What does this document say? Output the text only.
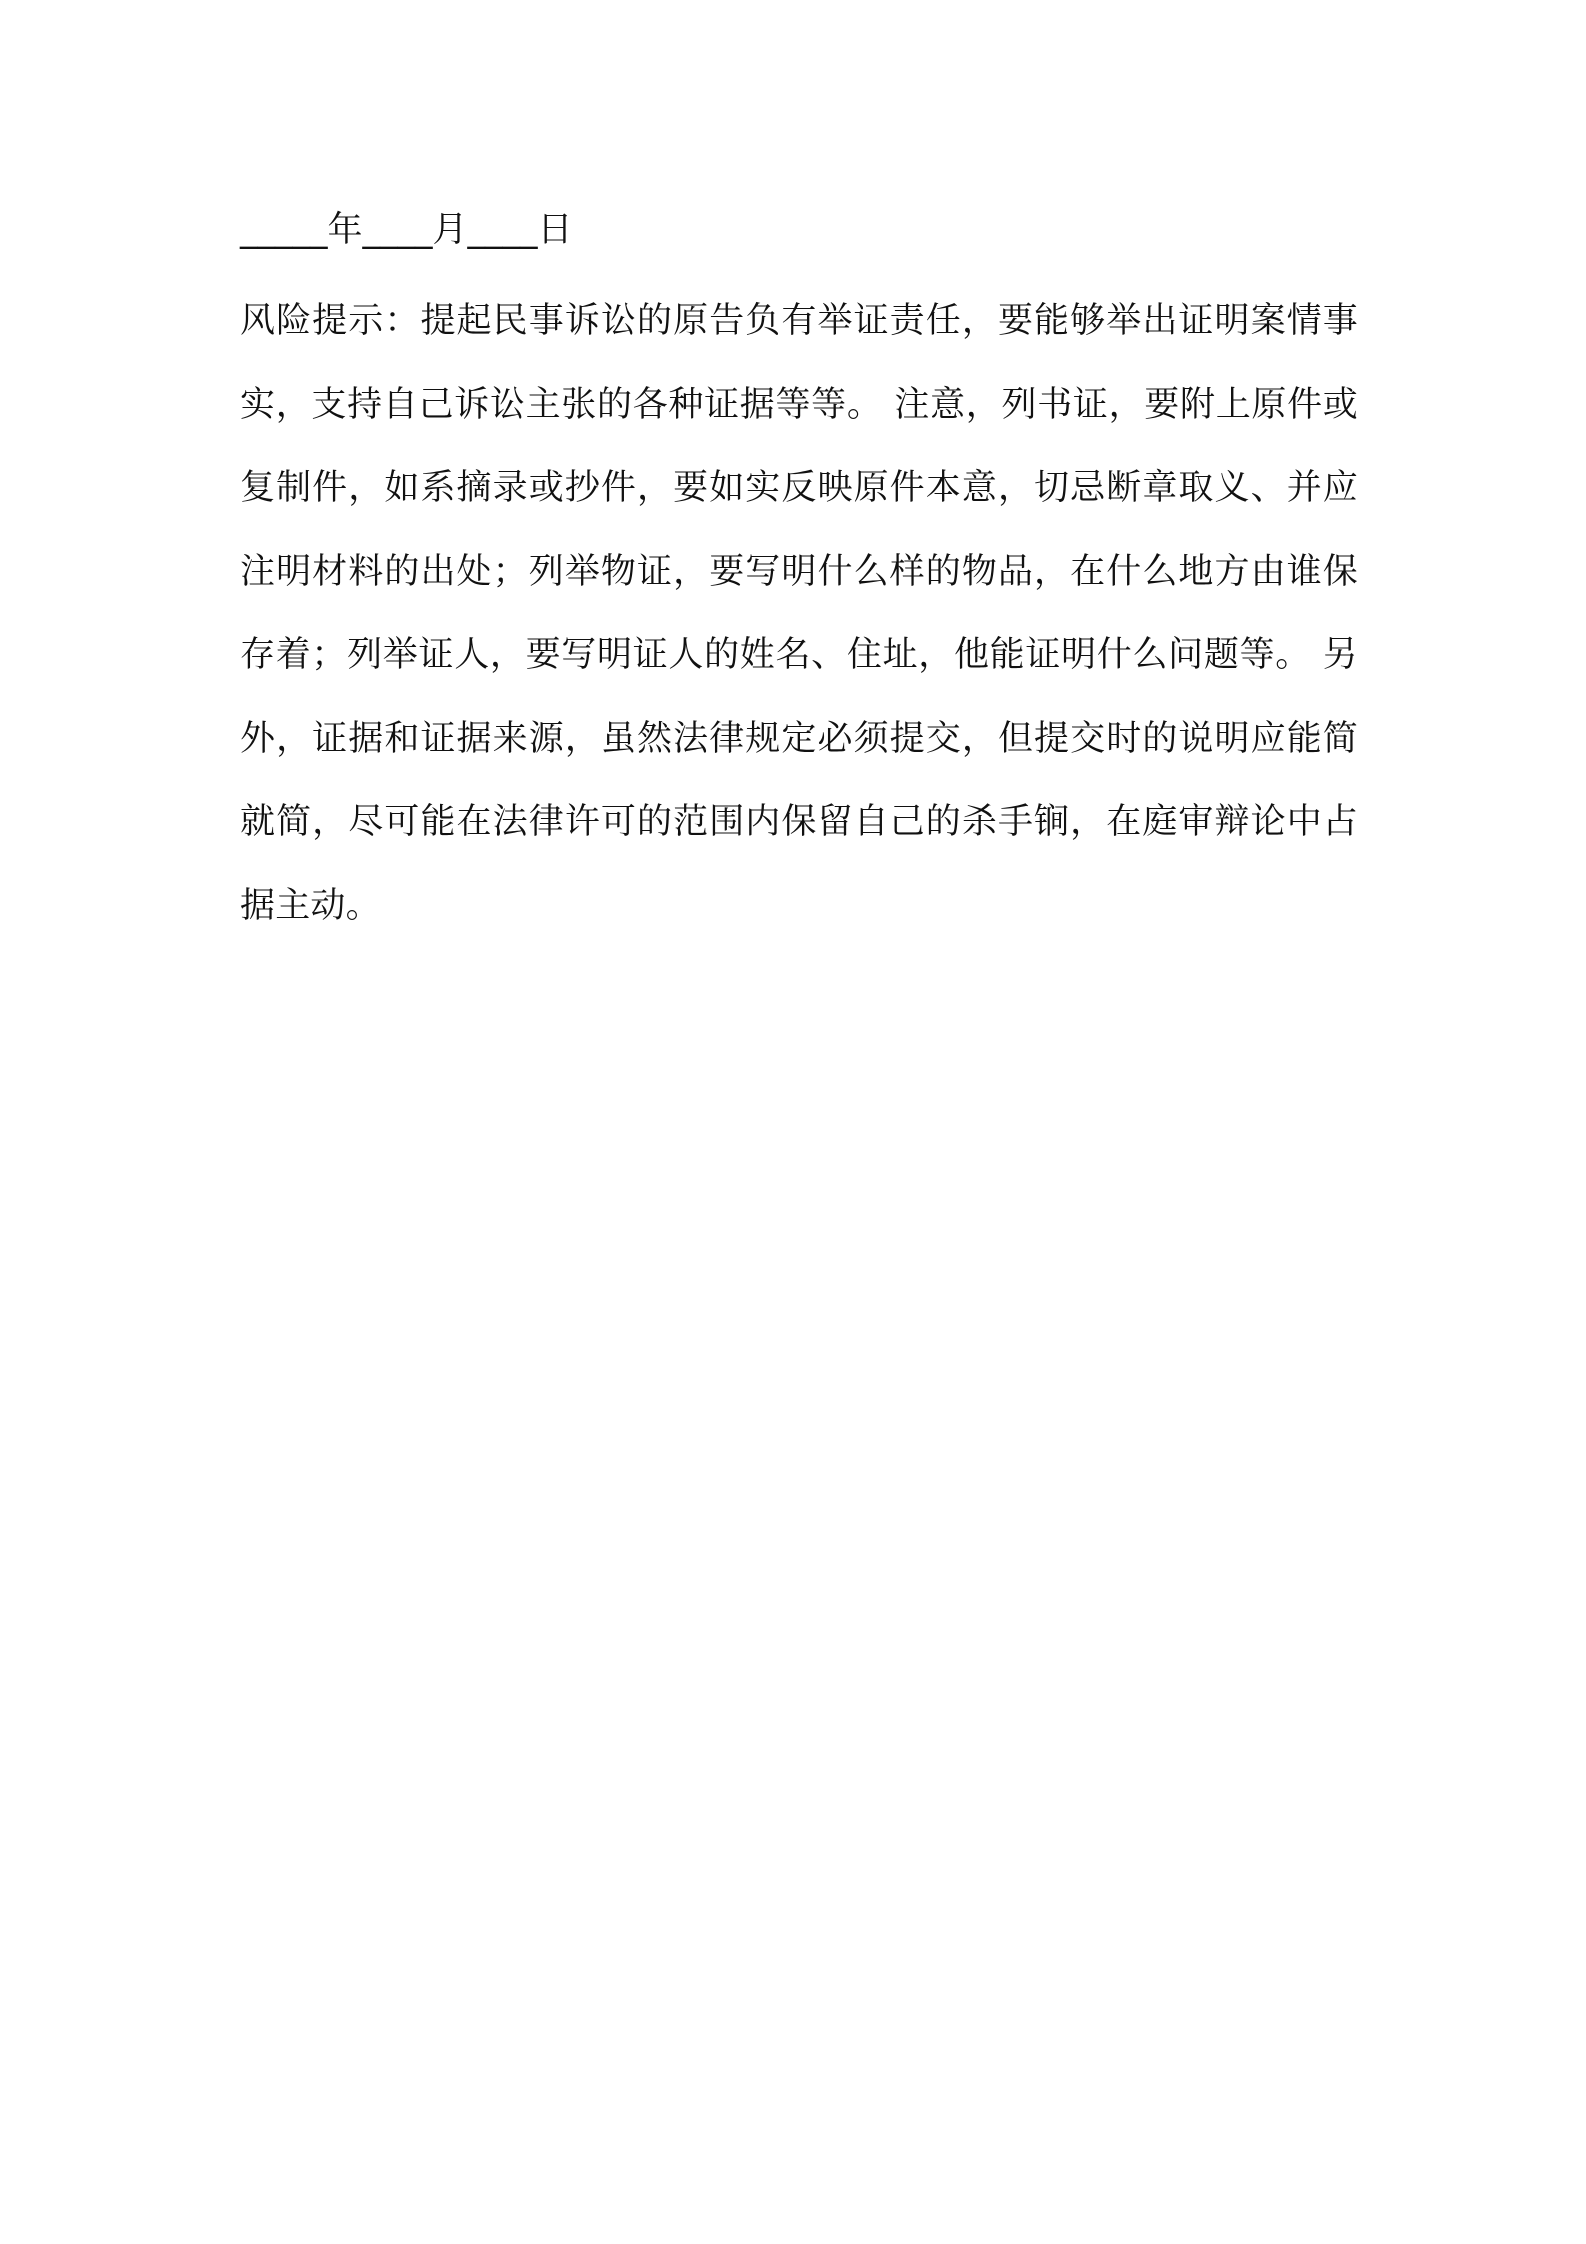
_____年____月____日
风险提示：提起民事诉讼的原告负有举证责任，要能够举出证明案情事实，支持自己诉讼主张的各种证据等等。 注意，列书证，要附上原件或复制件，如系摘录或抄件，要如实反映原件本意，切忌断章取义、并应注明材料的出处；列举物证，要写明什么样的物品，在什么地方由谁保存着；列举证人，要写明证人的姓名、住址，他能证明什么问题等。 另外，证据和证据来源，虽然法律规定必须提交，但提交时的说明应能简就简，尽可能在法律许可的范围内保留自己的杀手锏，在庭审辩论中占据主动。
